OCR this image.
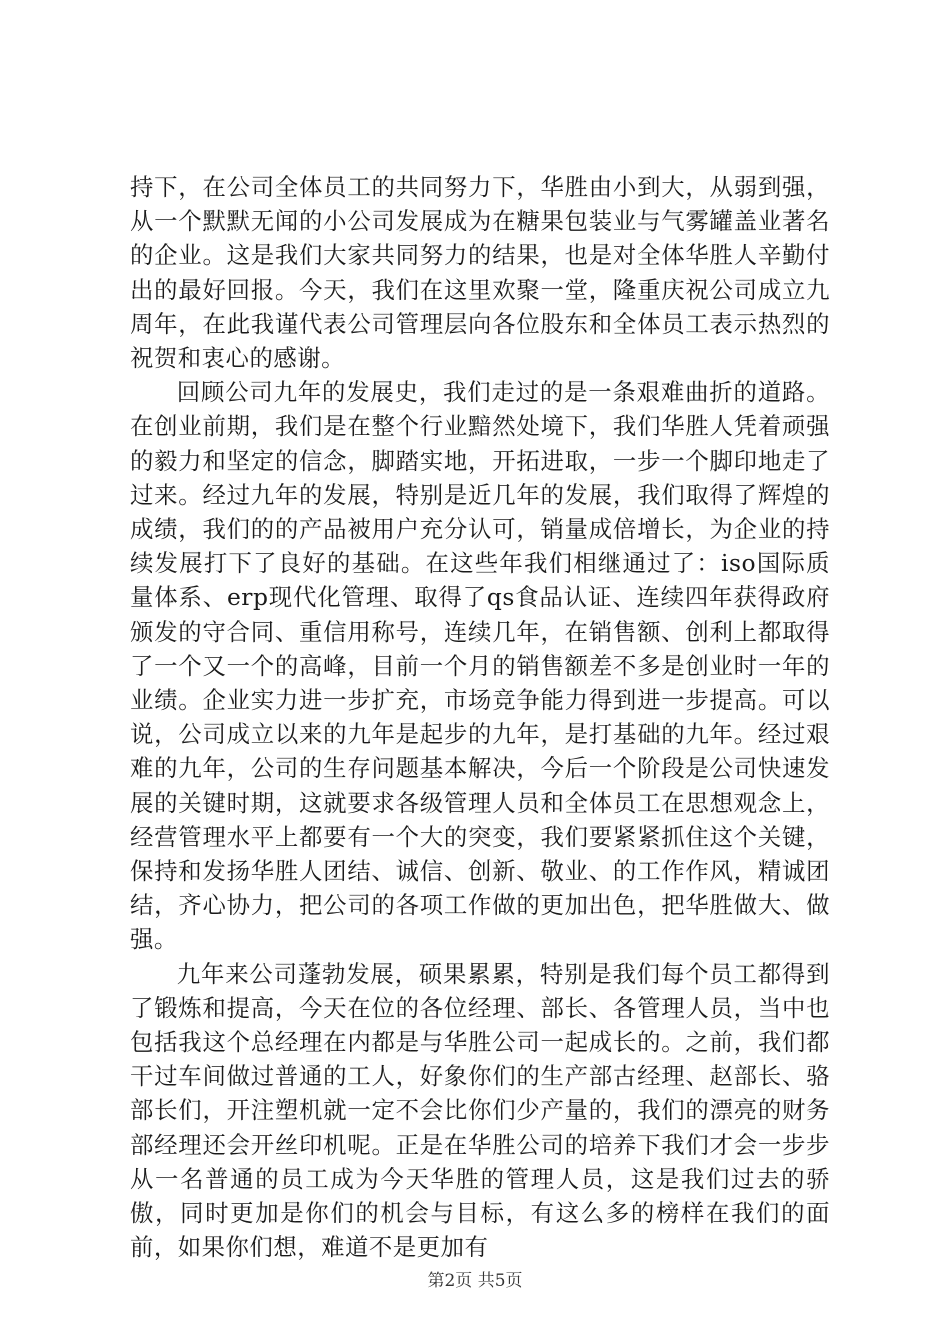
持下，在公司全体员工的共同努力下，华胜由小到大，从弱到强，从一个默默无闻的小公司发展成为在糖果包装业与气雾罐盖业著名的企业。这是我们大家共同努力的结果，也是对全体华胜人辛勤付出的最好回报。今天，我们在这里欢聚一堂，隆重庆祝公司成立九周年，在此我谨代表公司管理层向各位股东和全体员工表示热烈的祝贺和衷心的感谢。

回顾公司九年的发展史，我们走过的是一条艰难曲折的道路。在创业前期，我们是在整个行业黯然处境下，我们华胜人凭着顽强的毅力和坚定的信念，脚踏实地，开拓进取，一步一个脚印地走了过来。经过九年的发展，特别是近几年的发展，我们取得了辉煌的成绩，我们的的产品被用户充分认可，销量成倍增长，为企业的持续发展打下了良好的基础。在这些年我们相继通过了：iso国际质量体系、erp现代化管理、取得了qs食品认证、连续四年获得政府颁发的守合同、重信用称号，连续几年，在销售额、创利上都取得了一个又一个的高峰，目前一个月的销售额差不多是创业时一年的业绩。企业实力进一步扩充，市场竞争能力得到进一步提高。可以说，公司成立以来的九年是起步的九年，是打基础的九年。经过艰难的九年，公司的生存问题基本解决，今后一个阶段是公司快速发展的关键时期，这就要求各级管理人员和全体员工在思想观念上，经营管理水平上都要有一个大的突变，我们要紧紧抓住这个关键，保持和发扬华胜人团结、诚信、创新、敬业、的工作作风，精诚团结，齐心协力，把公司的各项工作做的更加出色，把华胜做大、做强。

九年来公司蓬勃发展，硕果累累，特别是我们每个员工都得到了锻炼和提高，今天在位的各位经理、部长、各管理人员，当中也包括我这个总经理在内都是与华胜公司一起成长的。之前，我们都干过车间做过普通的工人，好象你们的生产部古经理、赵部长、骆部长们，开注塑机就一定不会比你们少产量的，我们的漂亮的财务部经理还会开丝印机呢。正是在华胜公司的培养下我们才会一步步从一名普通的员工成为今天华胜的管理人员，这是我们过去的骄傲，同时更加是你们的机会与目标，有这么多的榜样在我们的面前，如果你们想，难道不是更加有

第2页 共5页
